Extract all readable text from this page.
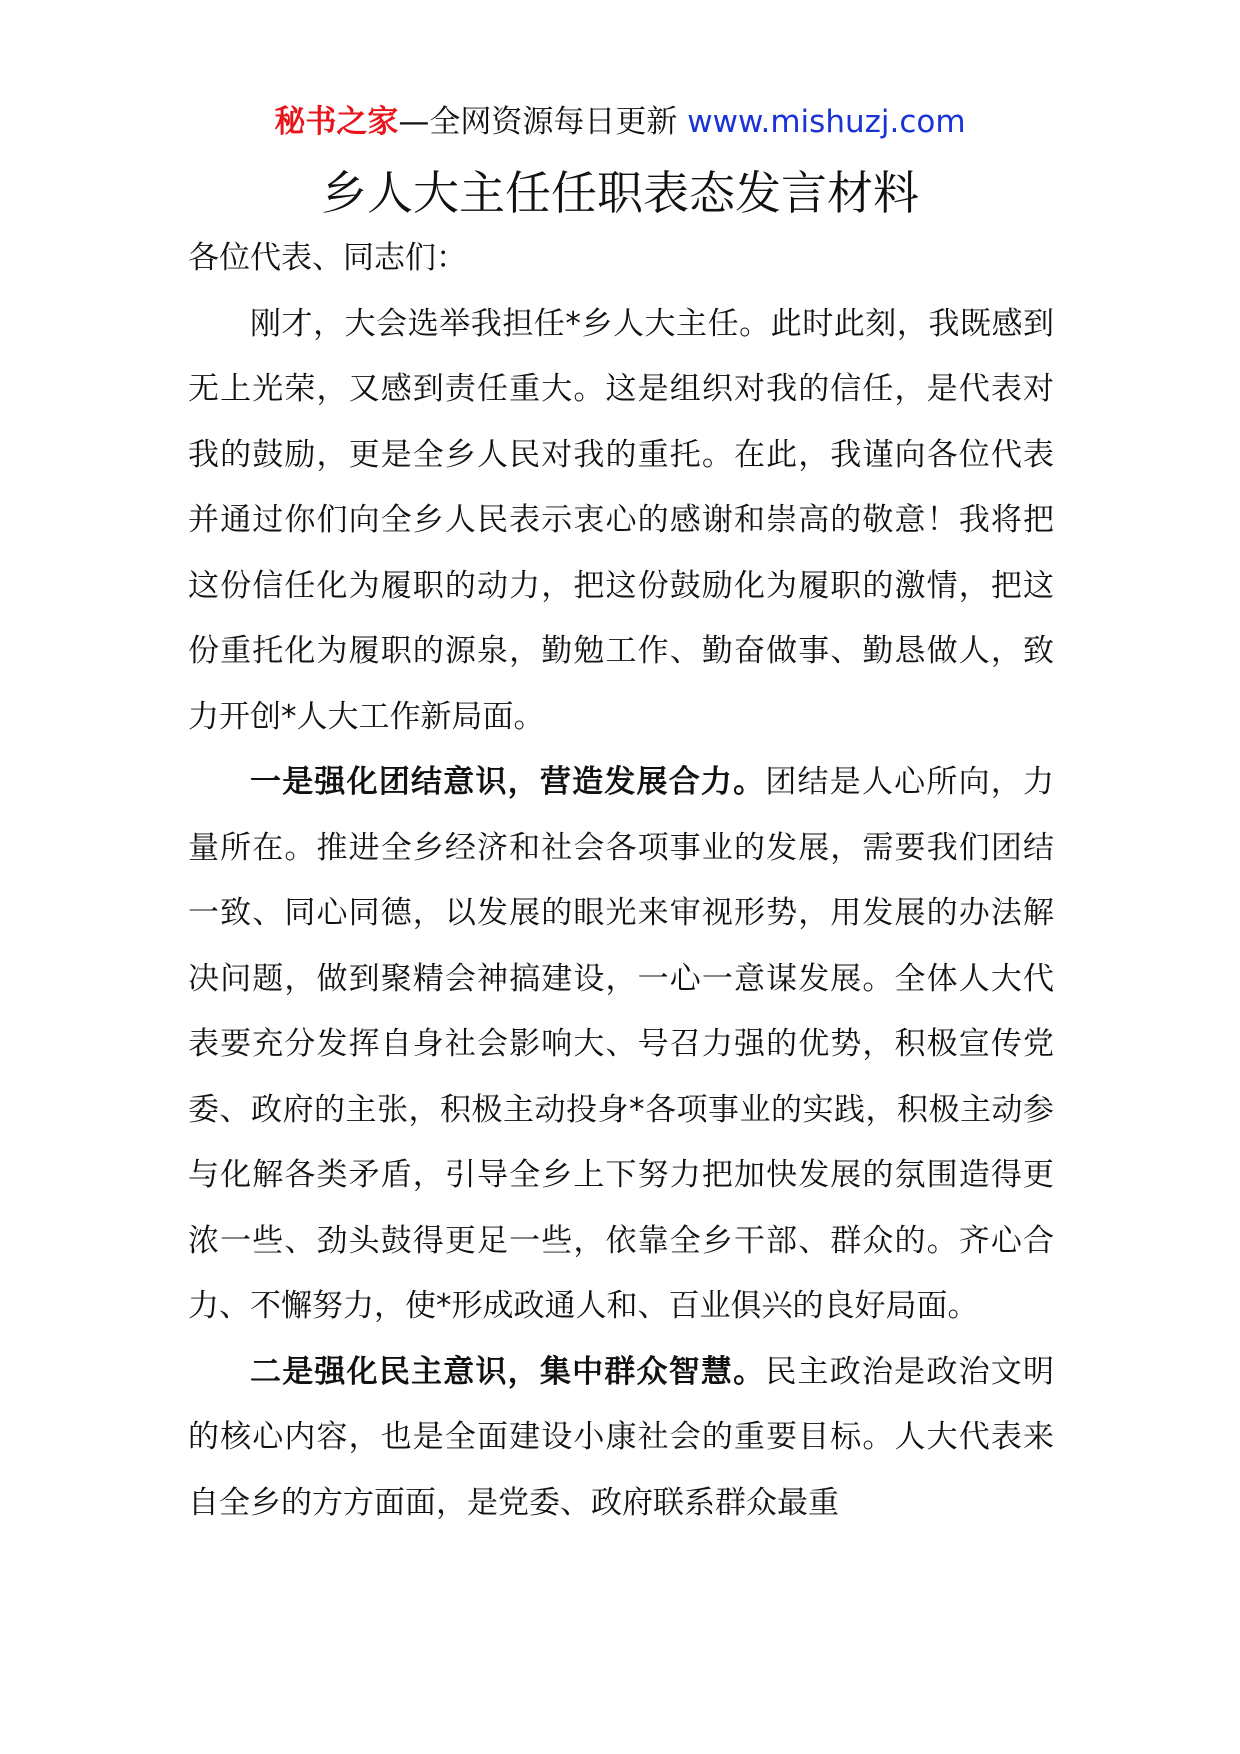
秘书之家—全网资源每日更新 www.mishuzj.com
乡人大主任任职表态发言材料

各位代表、同志们：

刚才，大会选举我担任*乡人大主任。此时此刻，我既感到无上光荣，又感到责任重大。这是组织对我的信任，是代表对我的鼓励，更是全乡人民对我的重托。在此，我谨向各位代表并通过你们向全乡人民表示衷心的感谢和崇高的敬意！我将把这份信任化为履职的动力，把这份鼓励化为履职的激情，把这份重托化为履职的源泉，勤勉工作、勤奋做事、勤恳做人，致力开创*人大工作新局面。

一是强化团结意识，营造发展合力。团结是人心所向，力量所在。推进全乡经济和社会各项事业的发展，需要我们团结一致、同心同德，以发展的眼光来审视形势，用发展的办法解决问题，做到聚精会神搞建设，一心一意谋发展。全体人大代表要充分发挥自身社会影响大、号召力强的优势，积极宣传党委、政府的主张，积极主动投身*各项事业的实践，积极主动参与化解各类矛盾，引导全乡上下努力把加快发展的氛围造得更浓一些、劲头鼓得更足一些，依靠全乡干部、群众的。齐心合力、不懈努力，使*形成政通人和、百业俱兴的良好局面。

二是强化民主意识，集中群众智慧。民主政治是政治文明的核心内容，也是全面建设小康社会的重要目标。人大代表来自全乡的方方面面，是党委、政府联系群众最重
